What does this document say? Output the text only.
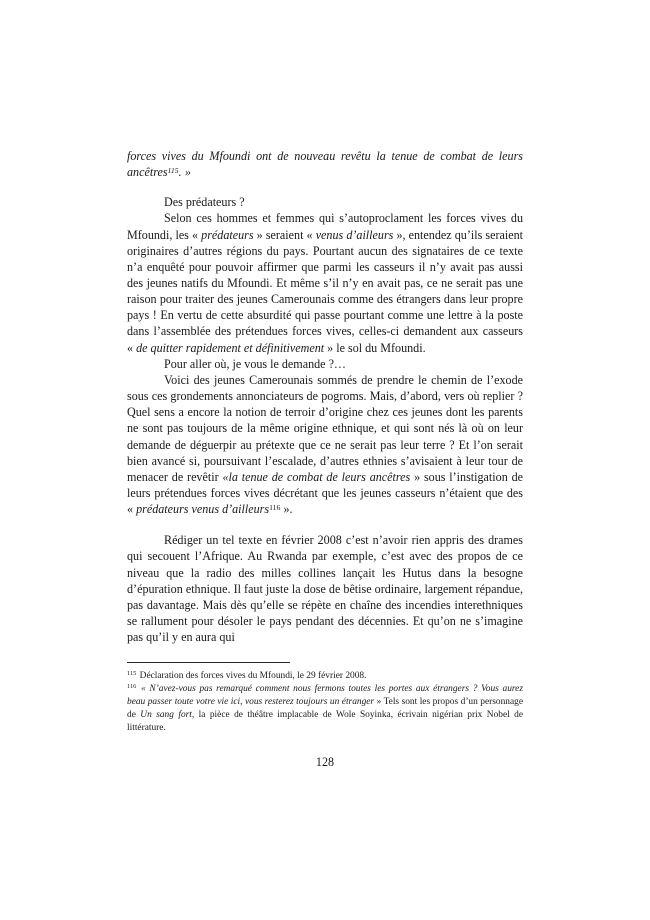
forces vives du Mfoundi ont de nouveau revêtu la tenue de combat de leurs ancêtres$^{115}$. »

Des prédateurs ?

Selon ces hommes et femmes qui s’autoproclament les forces vives du Mfoundi, les « prédateurs » seraient « venus d’ailleurs », entendez qu’ils seraient originaires d’autres régions du pays. Pourtant aucun des signataires de ce texte n’a enquêté pour pouvoir affirmer que parmi les casseurs il n’y avait pas aussi des jeunes natifs du Mfoundi. Et même s’il n’y en avait pas, ce ne serait pas une raison pour traiter des jeunes Camerounais comme des étrangers dans leur propre pays ! En vertu de cette absurdité qui passe pourtant comme une lettre à la poste dans l’assemblée des prétendues forces vives, celles-ci demandent aux casseurs « de quitter rapidement et définitivement » le sol du Mfoundi.

Pour aller où, je vous le demande ?…

Voici des jeunes Camerounais sommés de prendre le chemin de l’exode sous ces grondements annonciateurs de pogroms. Mais, d’abord, vers où replier ? Quel sens a encore la notion de terroir d’origine chez ces jeunes dont les parents ne sont pas toujours de la même origine ethnique, et qui sont nés là où on leur demande de déguerpir au prétexte que ce ne serait pas leur terre ? Et l’on serait bien avancé si, poursuivant l’escalade, d’autres ethnies s’avisaient à leur tour de menacer de revêtir «la tenue de combat de leurs ancêtres » sous l’instigation de leurs prétendues forces vives décrétant que les jeunes casseurs n’étaient que des « prédateurs venus d’ailleurs$^{116}$ ».

Rédiger un tel texte en février 2008 c’est n’avoir rien appris des drames qui secouent l’Afrique. Au Rwanda par exemple, c’est avec des propos de ce niveau que la radio des milles collines lançait les Hutus dans la besogne d’épuration ethnique. Il faut juste la dose de bêtise ordinaire, largement répandue, pas davantage. Mais dès qu’elle se répète en chaîne des incendies interethniques se rallument pour désoler le pays pendant des décennies. Et qu’on ne s’imagine pas qu’il y en aura qui

$^{115}$ Déclaration des forces vives du Mfoundi, le 29 février 2008.

$^{116}$ « N’avez-vous pas remarqué comment nous fermons toutes les portes aux étrangers ? Vous aurez beau passer toute votre vie ici, vous resterez toujours un étranger » Tels sont les propos d’un personnage de Un sang fort, la pièce de théâtre implacable de Wole Soyinka, écrivain nigérian prix Nobel de littérature.

128
